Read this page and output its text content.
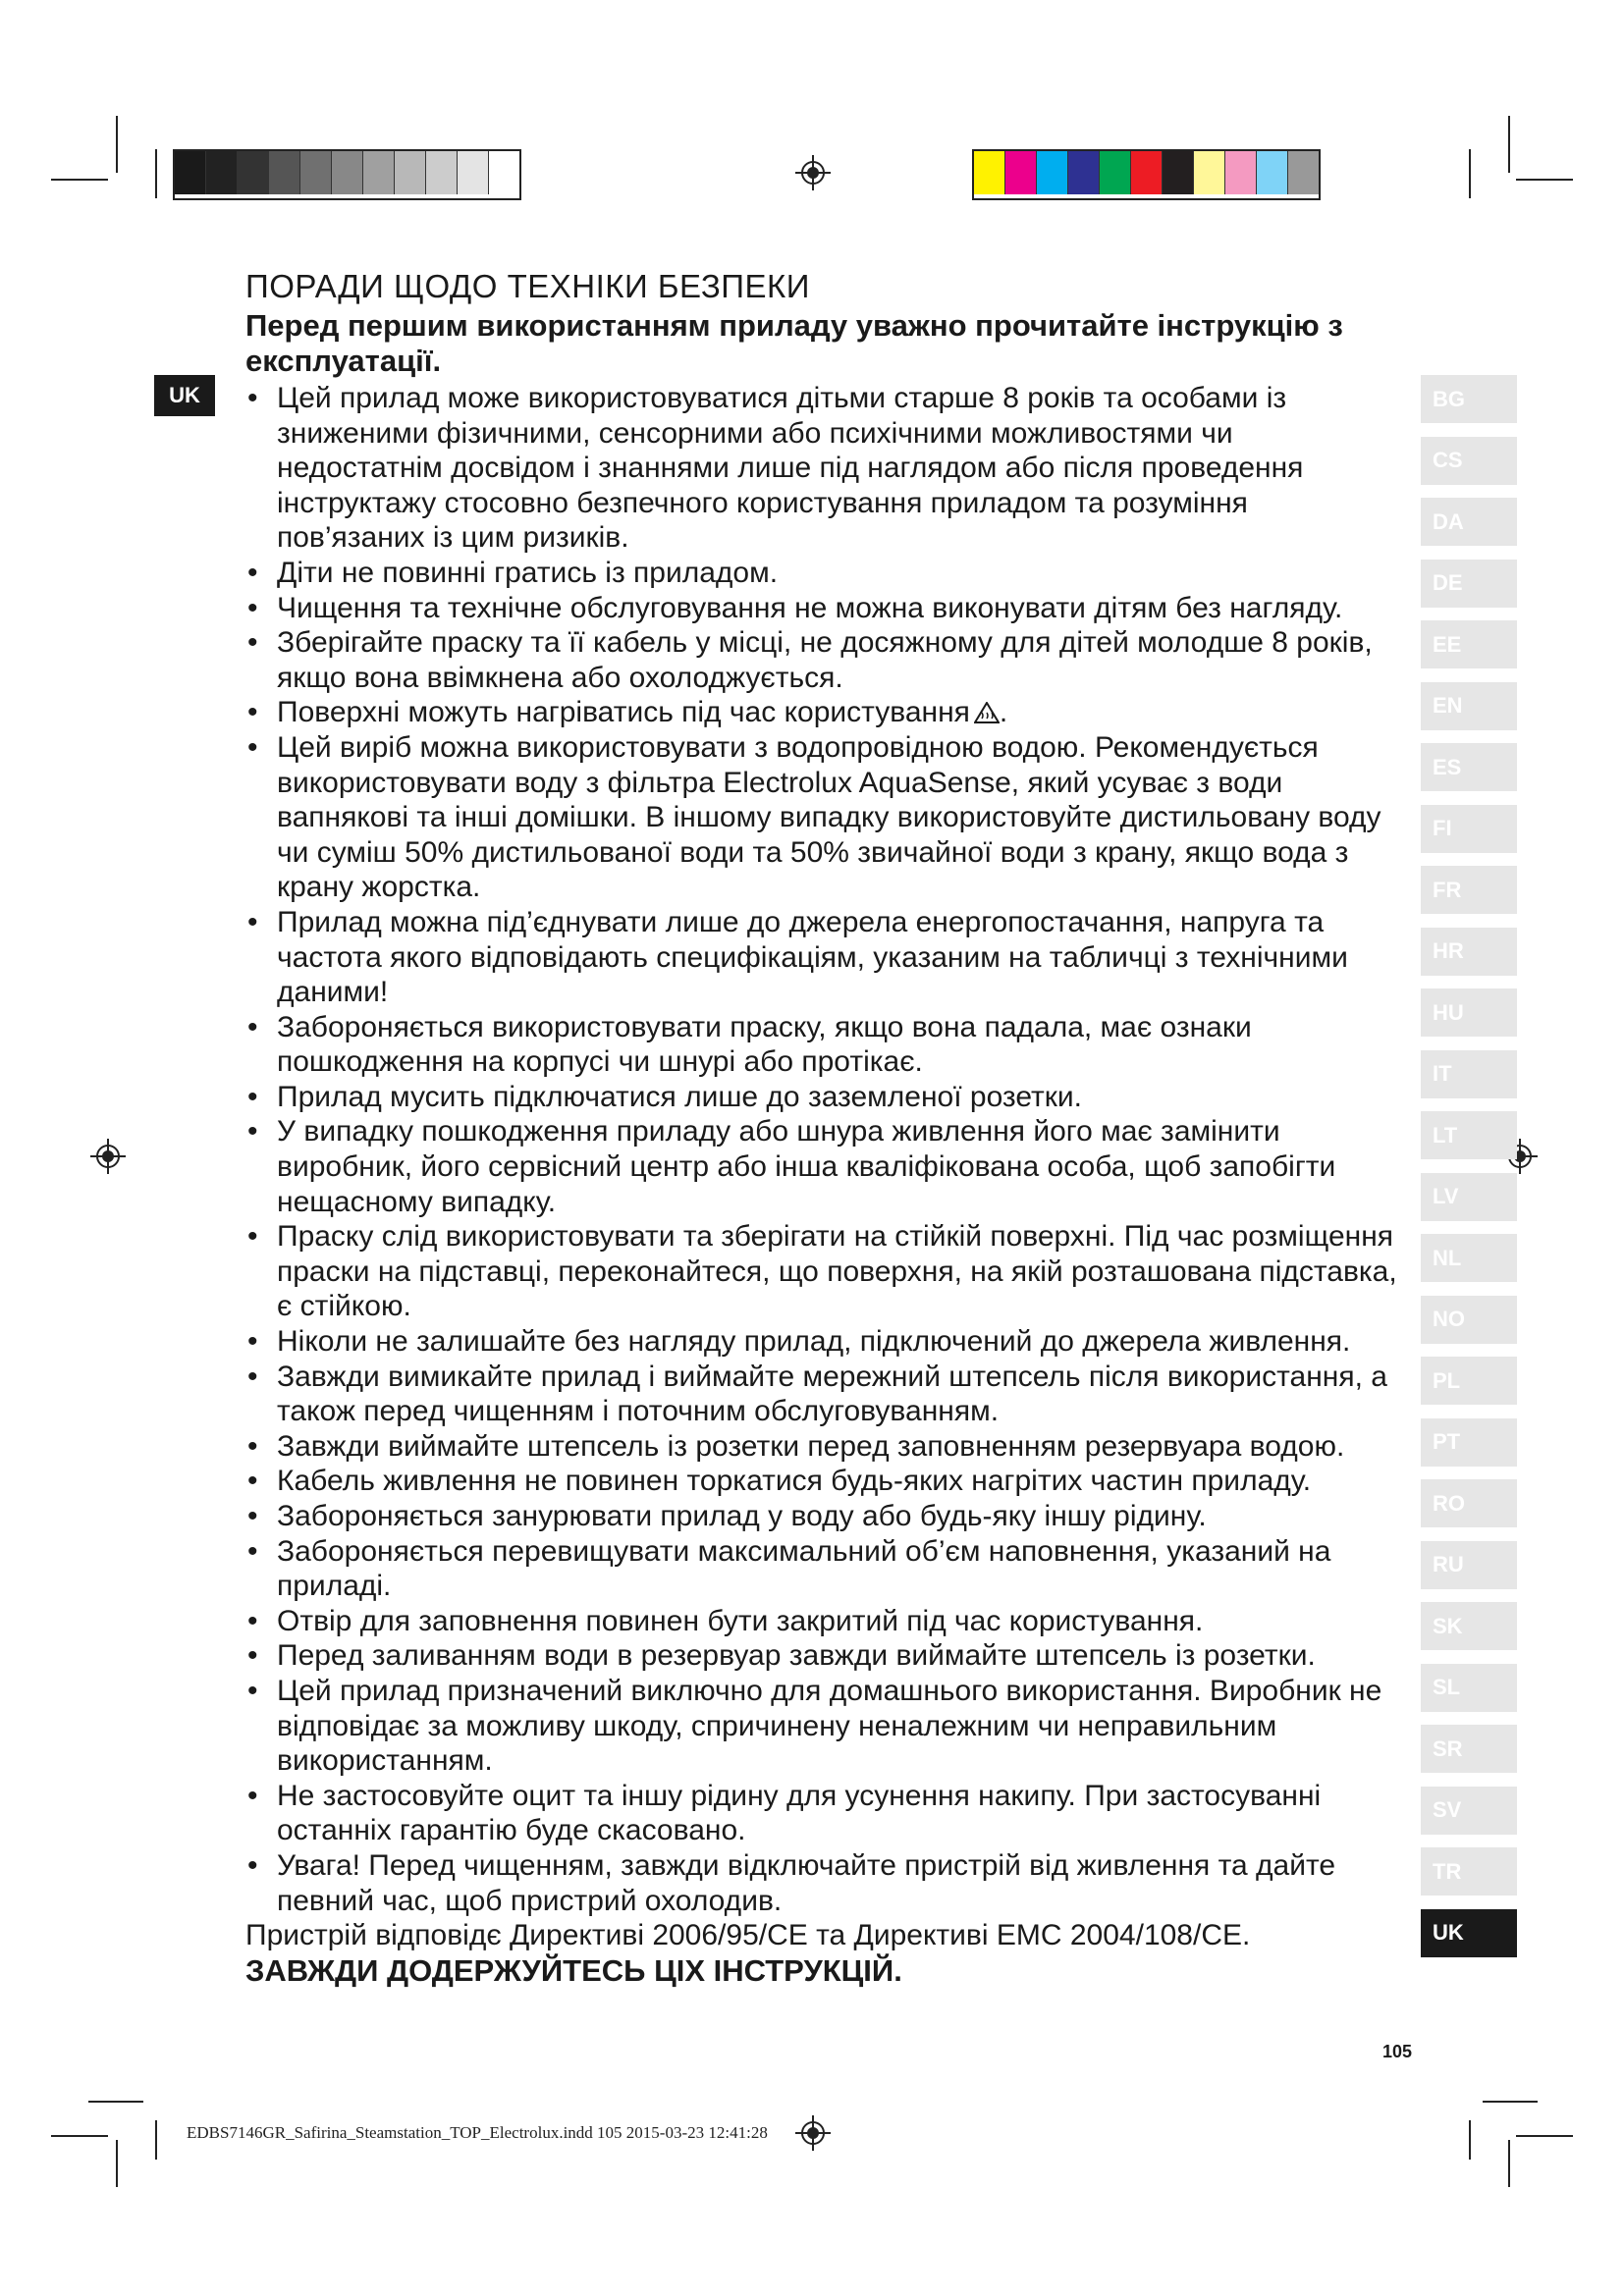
UK
ПОРАДИ ЩОДО ТЕХНІКИ БЕЗПЕКИ
Перед першим використанням приладу уважно прочитайте інструкцію з експлуатації.
• Цей прилад може використовуватися дітьми старше 8 років та особами із зниженими фізичними, сенсорними або психічними можливостями чи недостатнім досвідом і знаннями лише під наглядом або після проведення інструктажу стосовно безпечного користування приладом та розуміння пов’язаних із цим ризиків.
• Діти не повинні гратись із приладом.
• Чищення та технічне обслуговування не можна виконувати дітям без нагляду.
• Зберігайте праску та її кабель у місці, не досяжному для дітей молодше 8 років, якщо вона ввімкнена або охолоджується.
• Поверхні можуть нагріватись під час користування .
• Цей виріб можна використовувати з водопровідною водою. Рекомендується використовувати воду з фільтра Electrolux AquaSense, який усуває з води вапнякові та інші домішки. В іншому випадку використовуйте дистильовану воду чи суміш 50% дистильованої води та 50% звичайної води з крану, якщо вода з крану жорстка.
• Прилад можна під’єднувати лише до джерела енергопостачання, напруга та частота якого відповідають специфікаціям, указаним на табличці з технічними даними!
• Забороняється використовувати праску, якщо вона падала, має ознаки пошкодження на корпусі чи шнурі або протікає.
• Прилад мусить підключатися лише до заземленої розетки.
• У випадку пошкодження приладу або шнура живлення його має замінити виробник, його сервісний центр або інша кваліфікована особа, щоб запобігти нещасному випадку.
• Праску слід використовувати та зберігати на стійкій поверхні. Під час розміщення праски на підставці, переконайтеся, що поверхня, на якій розташована підставка, є стійкою.
• Ніколи не залишайте без нагляду прилад, підключений до джерела живлення.
• Завжди вимикайте прилад і виймайте мережний штепсель після використання, а також перед чищенням і поточним обслуговуванням.
• Завжди виймайте штепсель із розетки перед заповненням резервуара водою.
• Кабель живлення не повинен торкатися будь-яких нагрітих частин приладу.
• Забороняється занурювати прилад у воду або будь-яку іншу рідину.
• Забороняється перевищувати максимальний об’єм наповнення, указаний на приладі.
• Отвір для заповнення повинен бути закритий під час користування.
• Перед заливанням води в резервуар завжди виймайте штепсель із розетки.
• Цей прилад призначений виключно для домашнього використання. Виробник не відповідає за можливу шкоду, спричинену неналежним чи неправильним використанням.
• Не застосовуйте оцит та іншу рідину для усунення накипу. При застосуванні останніх гарантію буде скасовано.
• Увага! Перед чищенням, завжди відключайте пристрій від живлення та дайте певний час, щоб пристрий охолодив.
Пристрій відповідє Директиві 2006/95/CE та Директиві EMC 2004/108/CE.
ЗАВЖДИ ДОДЕРЖУЙТЕСЬ ЦІХ ІНСТРУКЦІЙ.
BG
CS
DA
DE
EE
EN
ES
FI
FR
HR
HU
IT
LT
LV
NL
NO
PL
PT
RO
RU
SK
SL
SR
SV
TR
UK
105
EDBS7146GR_Safirina_Steamstation_TOP_Electrolux.indd 105 2015-03-23 12:41:28
